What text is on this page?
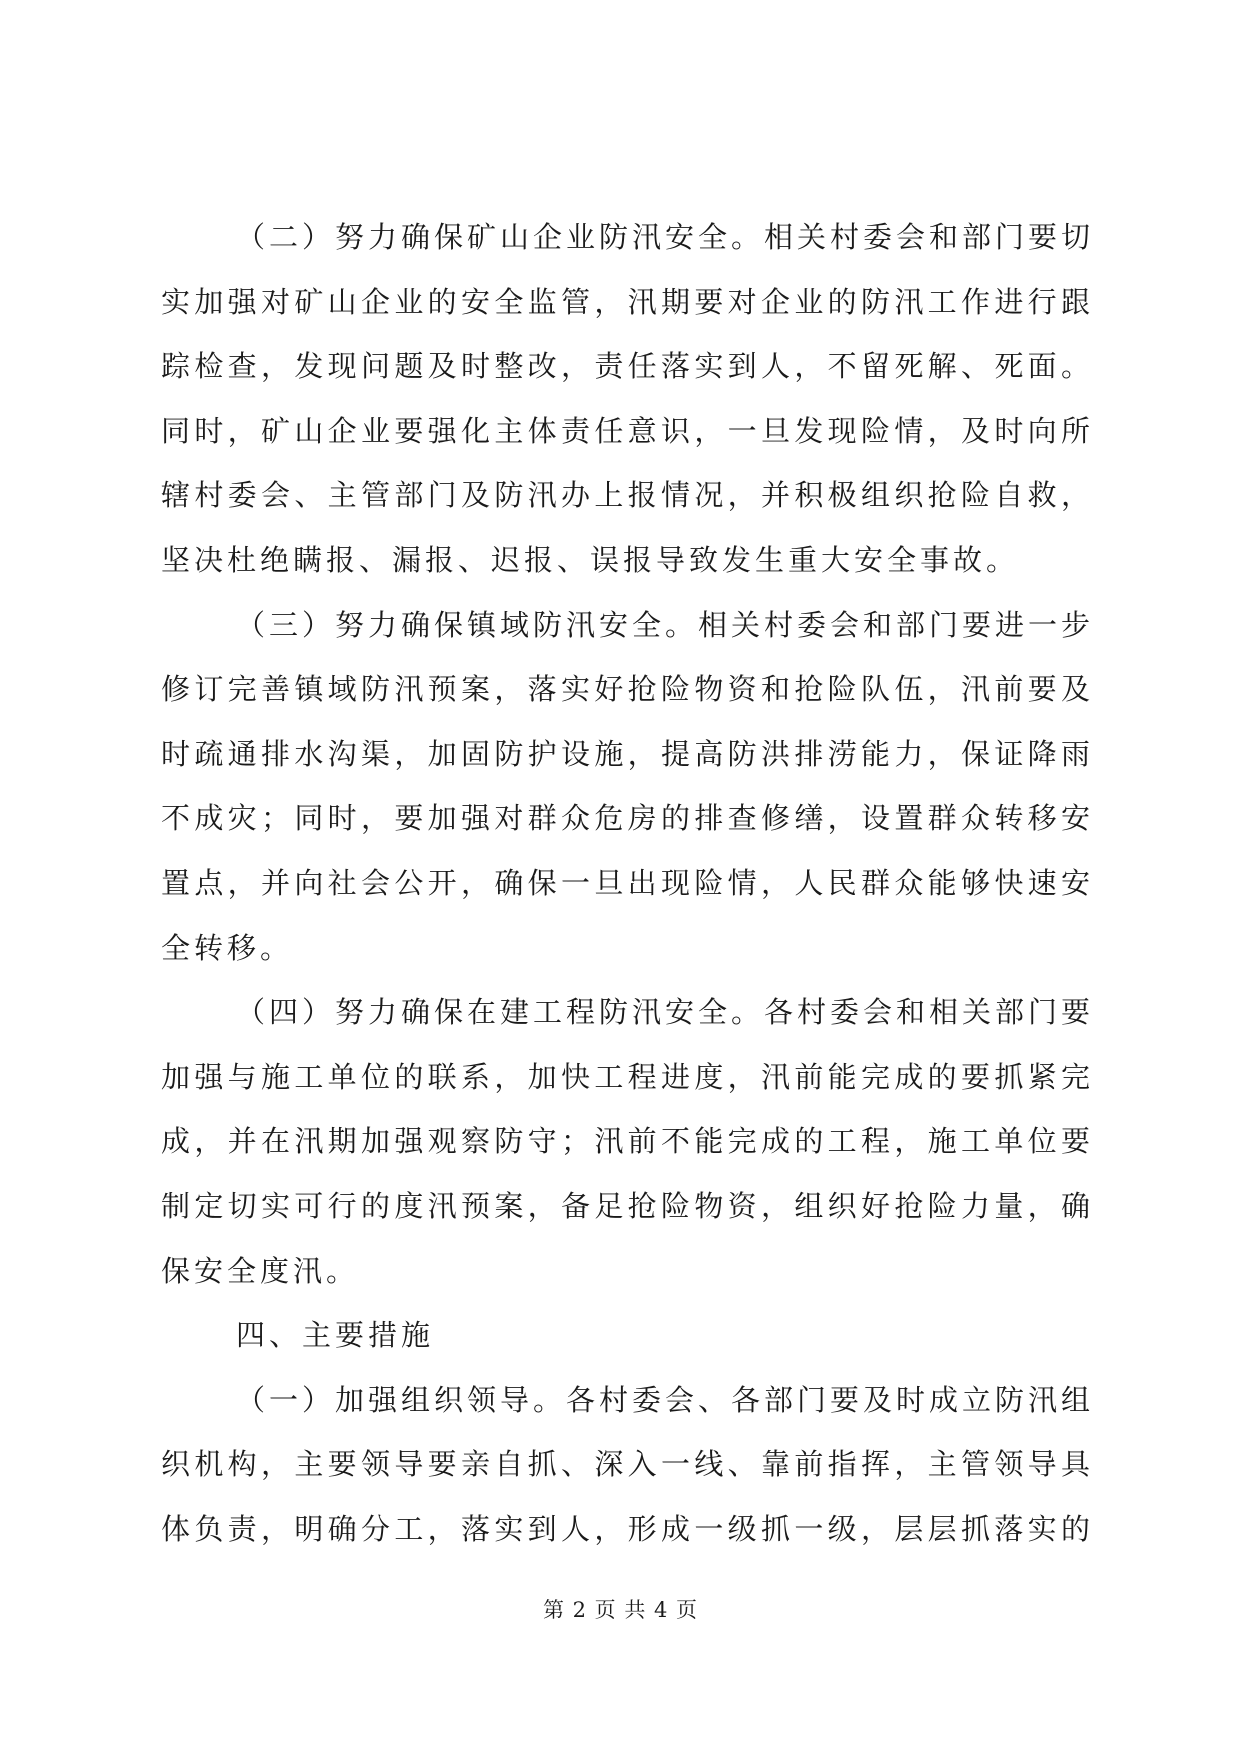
（二）努力确保矿山企业防汛安全。相关村委会和部门要切
实加强对矿山企业的安全监管，汛期要对企业的防汛工作进行跟
踪检查，发现问题及时整改，责任落实到人，不留死解、死面。
同时，矿山企业要强化主体责任意识，一旦发现险情，及时向所
辖村委会、主管部门及防汛办上报情况，并积极组织抢险自救，
坚决杜绝瞒报、漏报、迟报、误报导致发生重大安全事故。
（三）努力确保镇域防汛安全。相关村委会和部门要进一步
修订完善镇域防汛预案，落实好抢险物资和抢险队伍，汛前要及
时疏通排水沟渠，加固防护设施，提高防洪排涝能力，保证降雨
不成灾；同时，要加强对群众危房的排查修缮，设置群众转移安
置点，并向社会公开，确保一旦出现险情，人民群众能够快速安
全转移。
（四）努力确保在建工程防汛安全。各村委会和相关部门要
加强与施工单位的联系，加快工程进度，汛前能完成的要抓紧完
成，并在汛期加强观察防守；汛前不能完成的工程，施工单位要
制定切实可行的度汛预案，备足抢险物资，组织好抢险力量，确
保安全度汛。
四、主要措施
（一）加强组织领导。各村委会、各部门要及时成立防汛组
织机构，主要领导要亲自抓、深入一线、靠前指挥，主管领导具
体负责，明确分工，落实到人，形成一级抓一级，层层抓落实的
第 2 页 共 4 页
